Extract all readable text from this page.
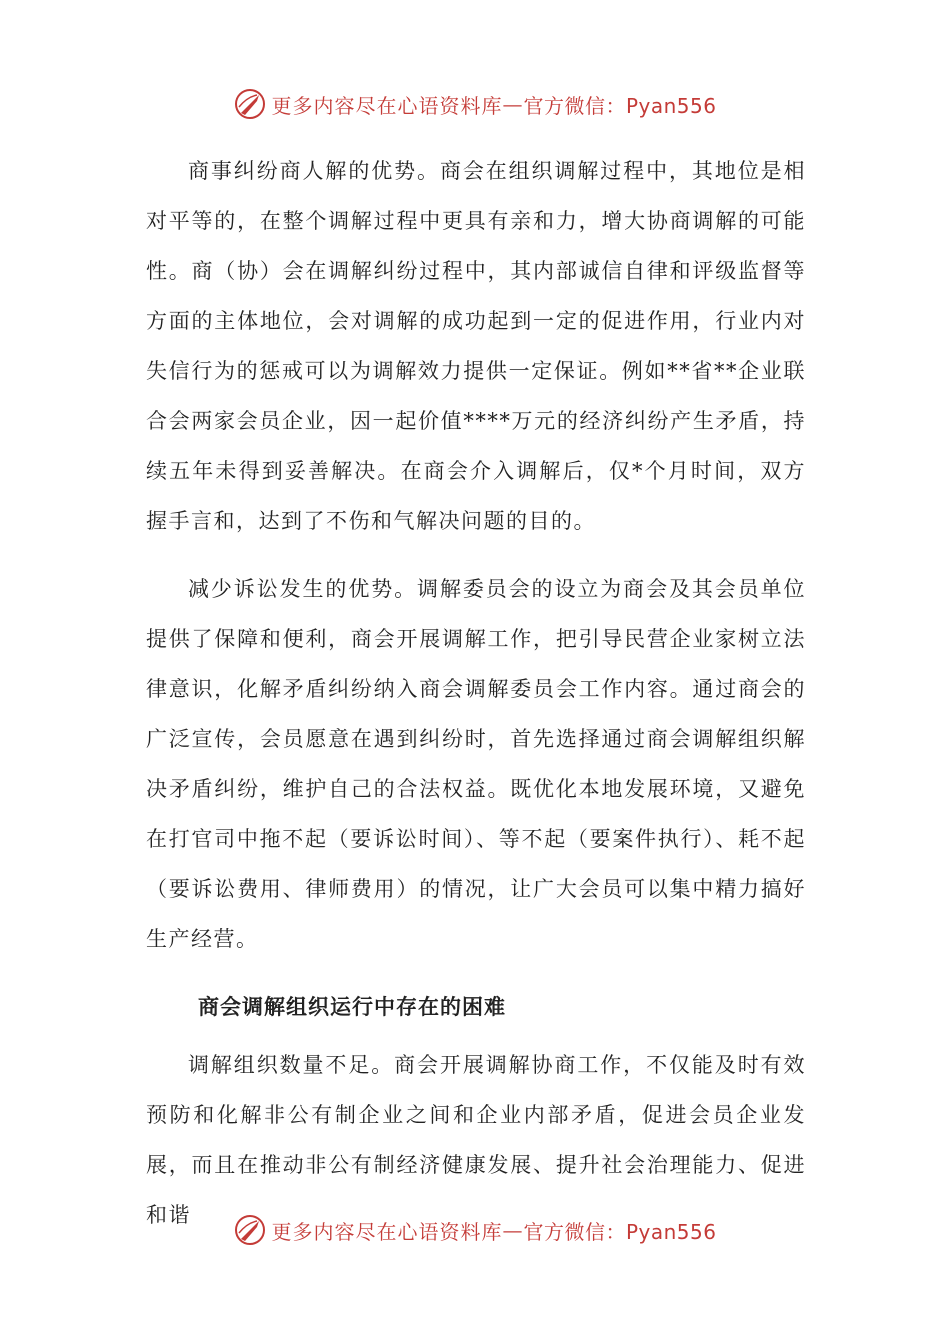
更多内容尽在心语资料库 — 官方微信：Pyan556

商事纠纷商人解的优势。商会在组织调解过程中，其地位是相对平等的，在整个调解过程中更具有亲和力，增大协商调解的可能性。商（协）会在调解纠纷过程中，其内部诚信自律和评级监督等方面的主体地位，会对调解的成功起到一定的促进作用，行业内对失信行为的惩戒可以为调解效力提供一定保证。例如**省**企业联合会两家会员企业，因一起价值****万元的经济纠纷产生矛盾，持续五年未得到妥善解决。在商会介入调解后，仅*个月时间，双方握手言和，达到了不伤和气解决问题的目的。

减少诉讼发生的优势。调解委员会的设立为商会及其会员单位提供了保障和便利，商会开展调解工作，把引导民营企业家树立法律意识，化解矛盾纠纷纳入商会调解委员会工作内容。通过商会的广泛宣传，会员愿意在遇到纠纷时，首先选择通过商会调解组织解决矛盾纠纷，维护自己的合法权益。既优化本地发展环境，又避免在打官司中拖不起（要诉讼时间）、等不起（要案件执行）、耗不起（要诉讼费用、律师费用）的情况，让广大会员可以集中精力搞好生产经营。

商会调解组织运行中存在的困难

调解组织数量不足。商会开展调解协商工作，不仅能及时有效预防和化解非公有制企业之间和企业内部矛盾，促进会员企业发展，而且在推动非公有制经济健康发展、提升社会治理能力、促进和谐

更多内容尽在心语资料库 — 官方微信：Pyan556
